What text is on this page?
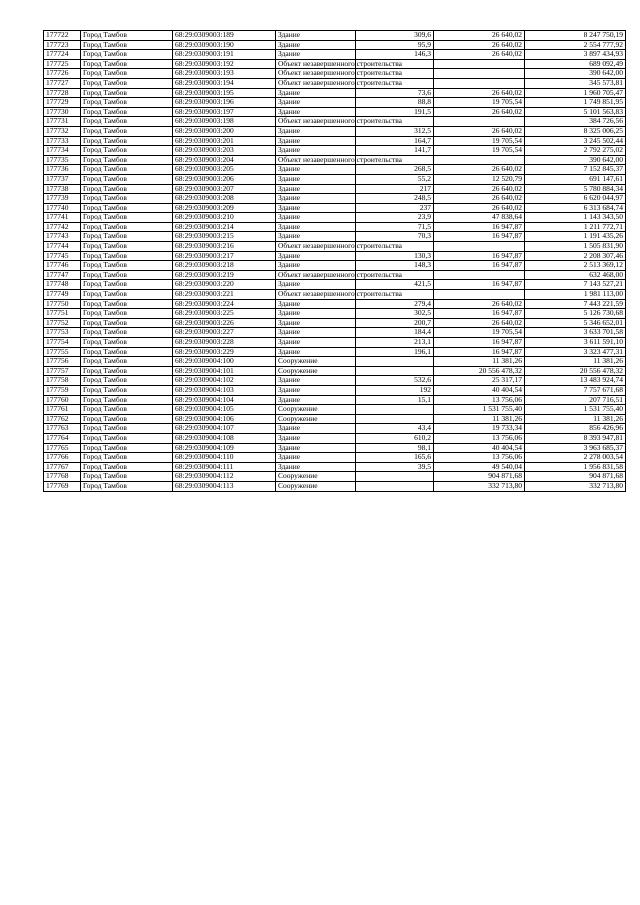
177722	Город Тамбов	68:29:0309003:189	Здание	309,6	26 640,02	8 247 750,19
177723	Город Тамбов	68:29:0309003:190	Здание	95,9	26 640,02	2 554 777,92
177724	Город Тамбов	68:29:0309003:191	Здание	146,3	26 640,02	3 897 434,93
177725	Город Тамбов	68:29:0309003:192	Объект незавершенного строительства			689 092,49
177726	Город Тамбов	68:29:0309003:193	Объект незавершенного строительства			390 642,00
177727	Город Тамбов	68:29:0309003:194	Объект незавершенного строительства			345 573,81
177728	Город Тамбов	68:29:0309003:195	Здание	73,6	26 640,02	1 960 705,47
177729	Город Тамбов	68:29:0309003:196	Здание	88,8	19 705,54	1 749 851,95
177730	Город Тамбов	68:29:0309003:197	Здание	191,5	26 640,02	5 101 563,83
177731	Город Тамбов	68:29:0309003:198	Объект незавершенного строительства			384 726,56
177732	Город Тамбов	68:29:0309003:200	Здание	312,5	26 640,02	8 325 006,25
177733	Город Тамбов	68:29:0309003:201	Здание	164,7	19 705,54	3 245 502,44
177734	Город Тамбов	68:29:0309003:203	Здание	141,7	19 705,54	2 792 275,02
177735	Город Тамбов	68:29:0309003:204	Объект незавершенного строительства			390 642,00
177736	Город Тамбов	68:29:0309003:205	Здание	268,5	26 640,02	7 152 845,37
177737	Город Тамбов	68:29:0309003:206	Здание	55,2	12 520,79	691 147,61
177738	Город Тамбов	68:29:0309003:207	Здание	217	26 640,02	5 780 884,34
177739	Город Тамбов	68:29:0309003:208	Здание	248,5	26 640,02	6 620 044,97
177740	Город Тамбов	68:29:0309003:209	Здание	237	26 640,02	6 313 684,74
177741	Город Тамбов	68:29:0309003:210	Здание	23,9	47 838,64	1 143 343,50
177742	Город Тамбов	68:29:0309003:214	Здание	71,5	16 947,87	1 211 772,71
177743	Город Тамбов	68:29:0309003:215	Здание	70,3	16 947,87	1 191 435,26
177744	Город Тамбов	68:29:0309003:216	Объект незавершенного строительства			1 505 831,90
177745	Город Тамбов	68:29:0309003:217	Здание	130,3	16 947,87	2 208 307,46
177746	Город Тамбов	68:29:0309003:218	Здание	148,3	16 947,87	2 513 369,12
177747	Город Тамбов	68:29:0309003:219	Объект незавершенного строительства			632 468,00
177748	Город Тамбов	68:29:0309003:220	Здание	421,5	16 947,87	7 143 527,21
177749	Город Тамбов	68:29:0309003:221	Объект незавершенного строительства			1 981 113,00
177750	Город Тамбов	68:29:0309003:224	Здание	279,4	26 640,02	7 443 221,59
177751	Город Тамбов	68:29:0309003:225	Здание	302,5	16 947,87	5 126 730,68
177752	Город Тамбов	68:29:0309003:226	Здание	200,7	26 640,02	5 346 652,01
177753	Город Тамбов	68:29:0309003:227	Здание	184,4	19 705,54	3 633 701,58
177754	Город Тамбов	68:29:0309003:228	Здание	213,1	16 947,87	3 611 591,10
177755	Город Тамбов	68:29:0309003:229	Здание	196,1	16 947,87	3 323 477,31
177756	Город Тамбов	68:29:0309004:100	Сооружение		11 381,26	11 381,26
177757	Город Тамбов	68:29:0309004:101	Сооружение		20 556 478,32	20 556 478,32
177758	Город Тамбов	68:29:0309004:102	Здание	532,6	25 317,17	13 483 924,74
177759	Город Тамбов	68:29:0309004:103	Здание	192	40 404,54	7 757 671,68
177760	Город Тамбов	68:29:0309004:104	Здание	15,1	13 756,06	207 716,51
177761	Город Тамбов	68:29:0309004:105	Сооружение		1 531 755,40	1 531 755,40
177762	Город Тамбов	68:29:0309004:106	Сооружение		11 381,26	11 381,26
177763	Город Тамбов	68:29:0309004:107	Здание	43,4	19 733,34	856 426,96
177764	Город Тамбов	68:29:0309004:108	Здание	610,2	13 756,06	8 393 947,81
177765	Город Тамбов	68:29:0309004:109	Здание	98,1	40 404,54	3 963 685,37
177766	Город Тамбов	68:29:0309004:110	Здание	165,6	13 756,06	2 278 003,54
177767	Город Тамбов	68:29:0309004:111	Здание	39,5	49 540,04	1 956 831,58
177768	Город Тамбов	68:29:0309004:112	Сооружение		904 871,68	904 871,68
177769	Город Тамбов	68:29:0309004:113	Сооружение		332 713,80	332 713,80
